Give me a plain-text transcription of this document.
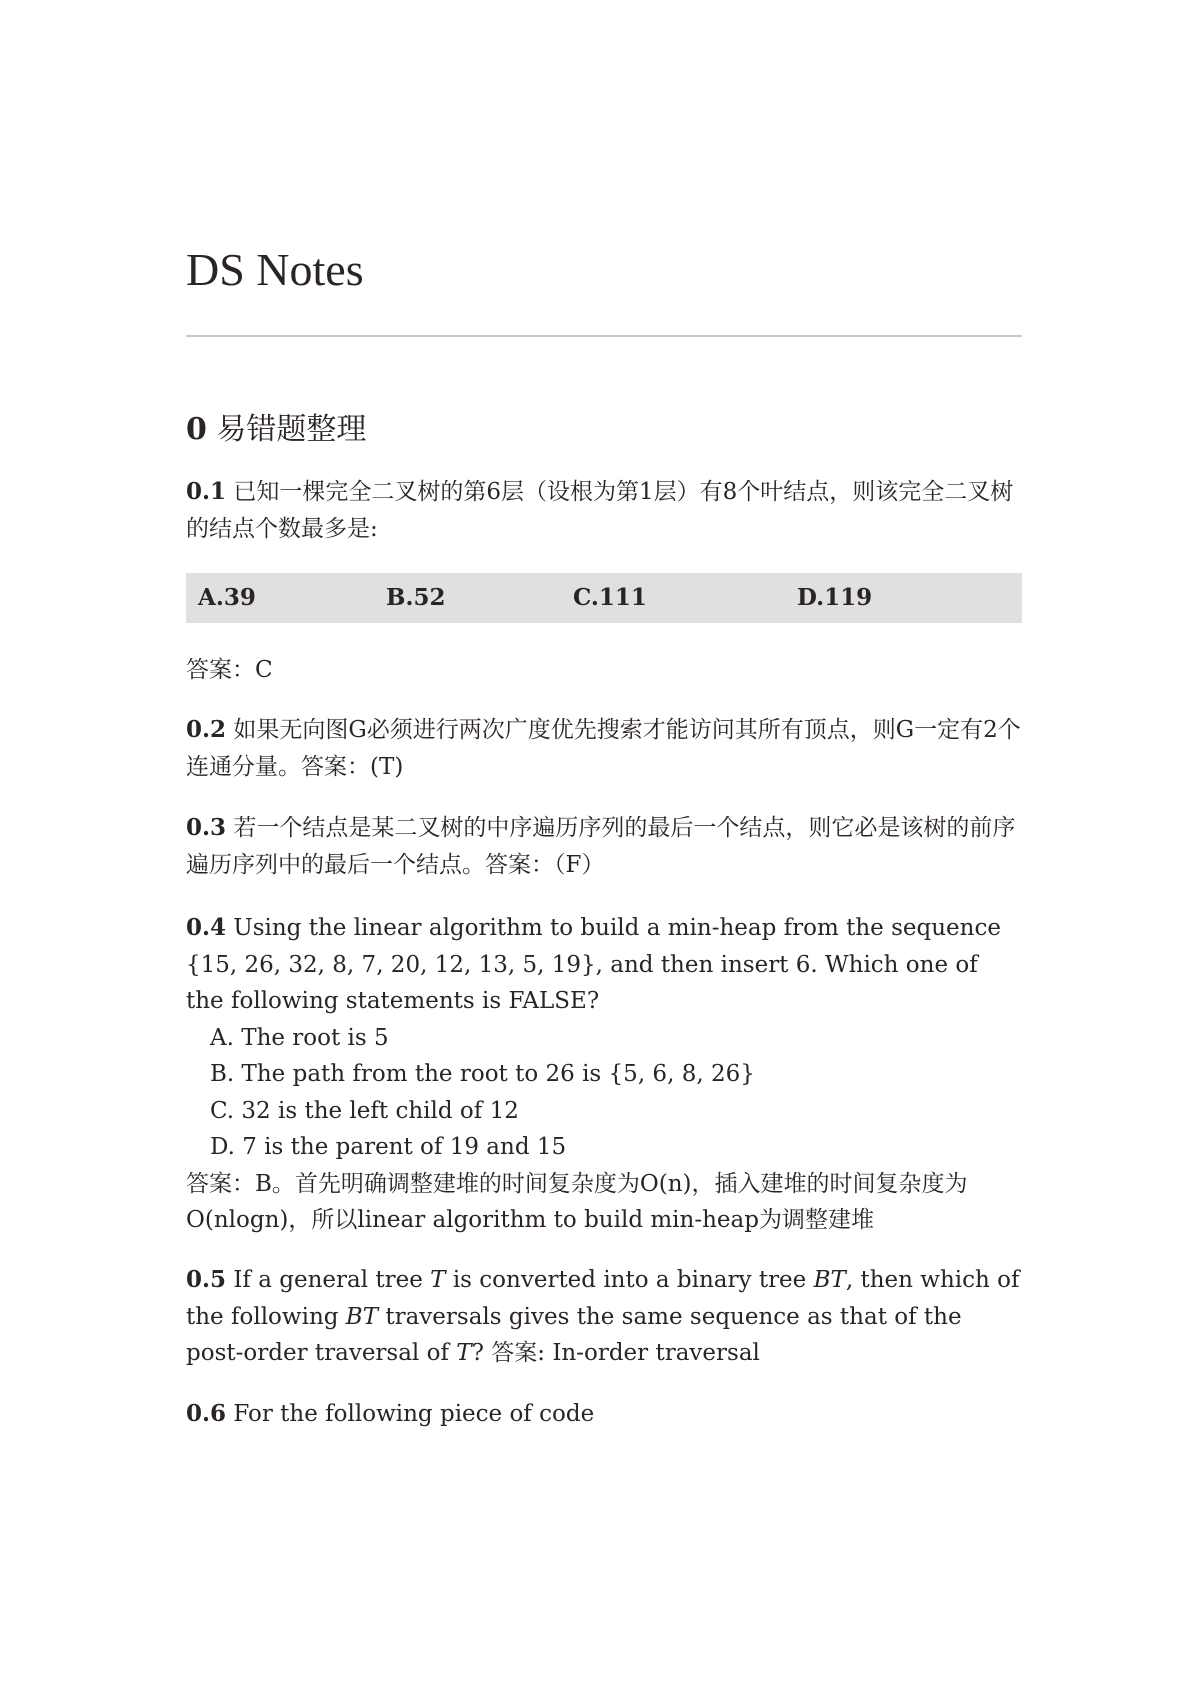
DS Notes
0 易错题整理

0.1 已知一棵完全二叉树的第6层（设根为第1层）有8个叶结点，则该完全二叉树的结点个数最多是:

A.39	B.52	C.111	D.119

答案：C

0.2 如果无向图G必须进行两次广度优先搜索才能访问其所有顶点，则G一定有2个连通分量。答案：(T)

0.3 若一个结点是某二叉树的中序遍历序列的最后一个结点，则它必是该树的前序遍历序列中的最后一个结点。答案：（F）

0.4 Using the linear algorithm to build a min-heap from the sequence {15, 26, 32, 8, 7, 20, 12, 13, 5, 19}, and then insert 6. Which one of the following statements is FALSE?

A. The root is 5

B. The path from the root to 26 is {5, 6, 8, 26}

C. 32 is the left child of 12

D. 7 is the parent of 19 and 15

答案：B。首先明确调整建堆的时间复杂度为O(n)，插入建堆的时间复杂度为O(nlogn)，所以linear algorithm to build min-heap为调整建堆

0.5 If a general tree T is converted into a binary tree BT, then which of the following BT traversals gives the same sequence as that of the post-order traversal of T? 答案: In-order traversal

0.6 For the following piece of code
